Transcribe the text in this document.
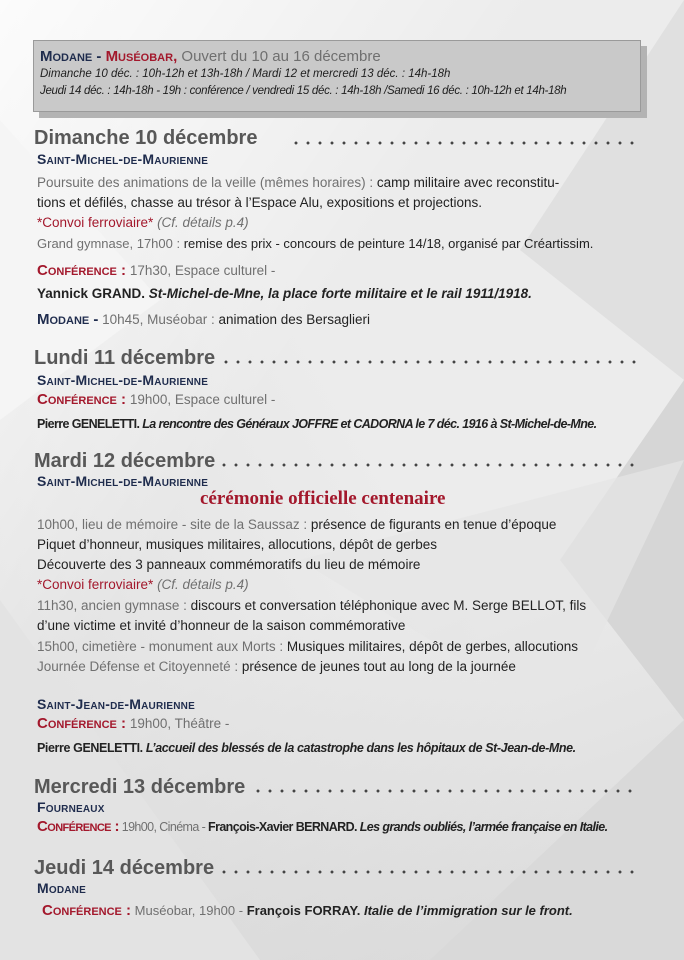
Modane - Muséobar, Ouvert du 10 au 16 décembre
Dimanche 10 déc. : 10h-12h et 13h-18h / Mardi 12 et mercredi 13 déc. : 14h-18h
Jeudi 14 déc. : 14h-18h - 19h : conférence / vendredi 15 déc. : 14h-18h /Samedi 16 déc. : 10h-12h et 14h-18h
Dimanche 10 décembre
Saint-Michel-de-Maurienne
Poursuite des animations de la veille (mêmes horaires) : camp militaire avec reconstitu-
tions et défilés, chasse au trésor à l’Espace Alu, expositions et projections.
*Convoi ferroviaire* (Cf. détails p.4)
Grand gymnase, 17h00 : remise des prix - concours de peinture 14/18, organisé par Créartissim.
Conférence : 17h30, Espace culturel -
Yannick GRAND. St-Michel-de-Mne, la place forte militaire et le rail 1911/1918.
Modane - 10h45, Muséobar : animation des Bersaglieri
Lundi 11 décembre
Saint-Michel-de-Maurienne
Conférence : 19h00, Espace culturel -
Pierre GENELETTI. La rencontre des Généraux JOFFRE et CADORNA le 7 déc. 1916 à St-Michel-de-Mne.
Mardi 12 décembre
Saint-Michel-de-Maurienne
cérémonie officielle centenaire
10h00, lieu de mémoire - site de la Saussaz : présence de figurants en tenue d’époque
Piquet d’honneur, musiques militaires, allocutions, dépôt de gerbes
Découverte des 3 panneaux commémoratifs du lieu de mémoire
*Convoi ferroviaire* (Cf. détails p.4)
11h30, ancien gymnase : discours et conversation téléphonique avec M. Serge BELLOT, fils
d’une victime et invité d’honneur de la saison commémorative
15h00, cimetière - monument aux Morts : Musiques militaires, dépôt de gerbes, allocutions
Journée Défense et Citoyenneté : présence de jeunes tout au long de la journée
Saint-Jean-de-Maurienne
Conférence : 19h00, Théâtre -
Pierre GENELETTI. L’accueil des blessés de la catastrophe dans les hôpitaux de St-Jean-de-Mne.
Mercredi 13 décembre
Fourneaux
Conférence : 19h00, Cinéma - François-Xavier BERNARD. Les grands oubliés, l’armée française en Italie.
Jeudi 14 décembre
Modane
Conférence : Muséobar, 19h00 - François FORRAY. Italie de l’immigration sur le front.
